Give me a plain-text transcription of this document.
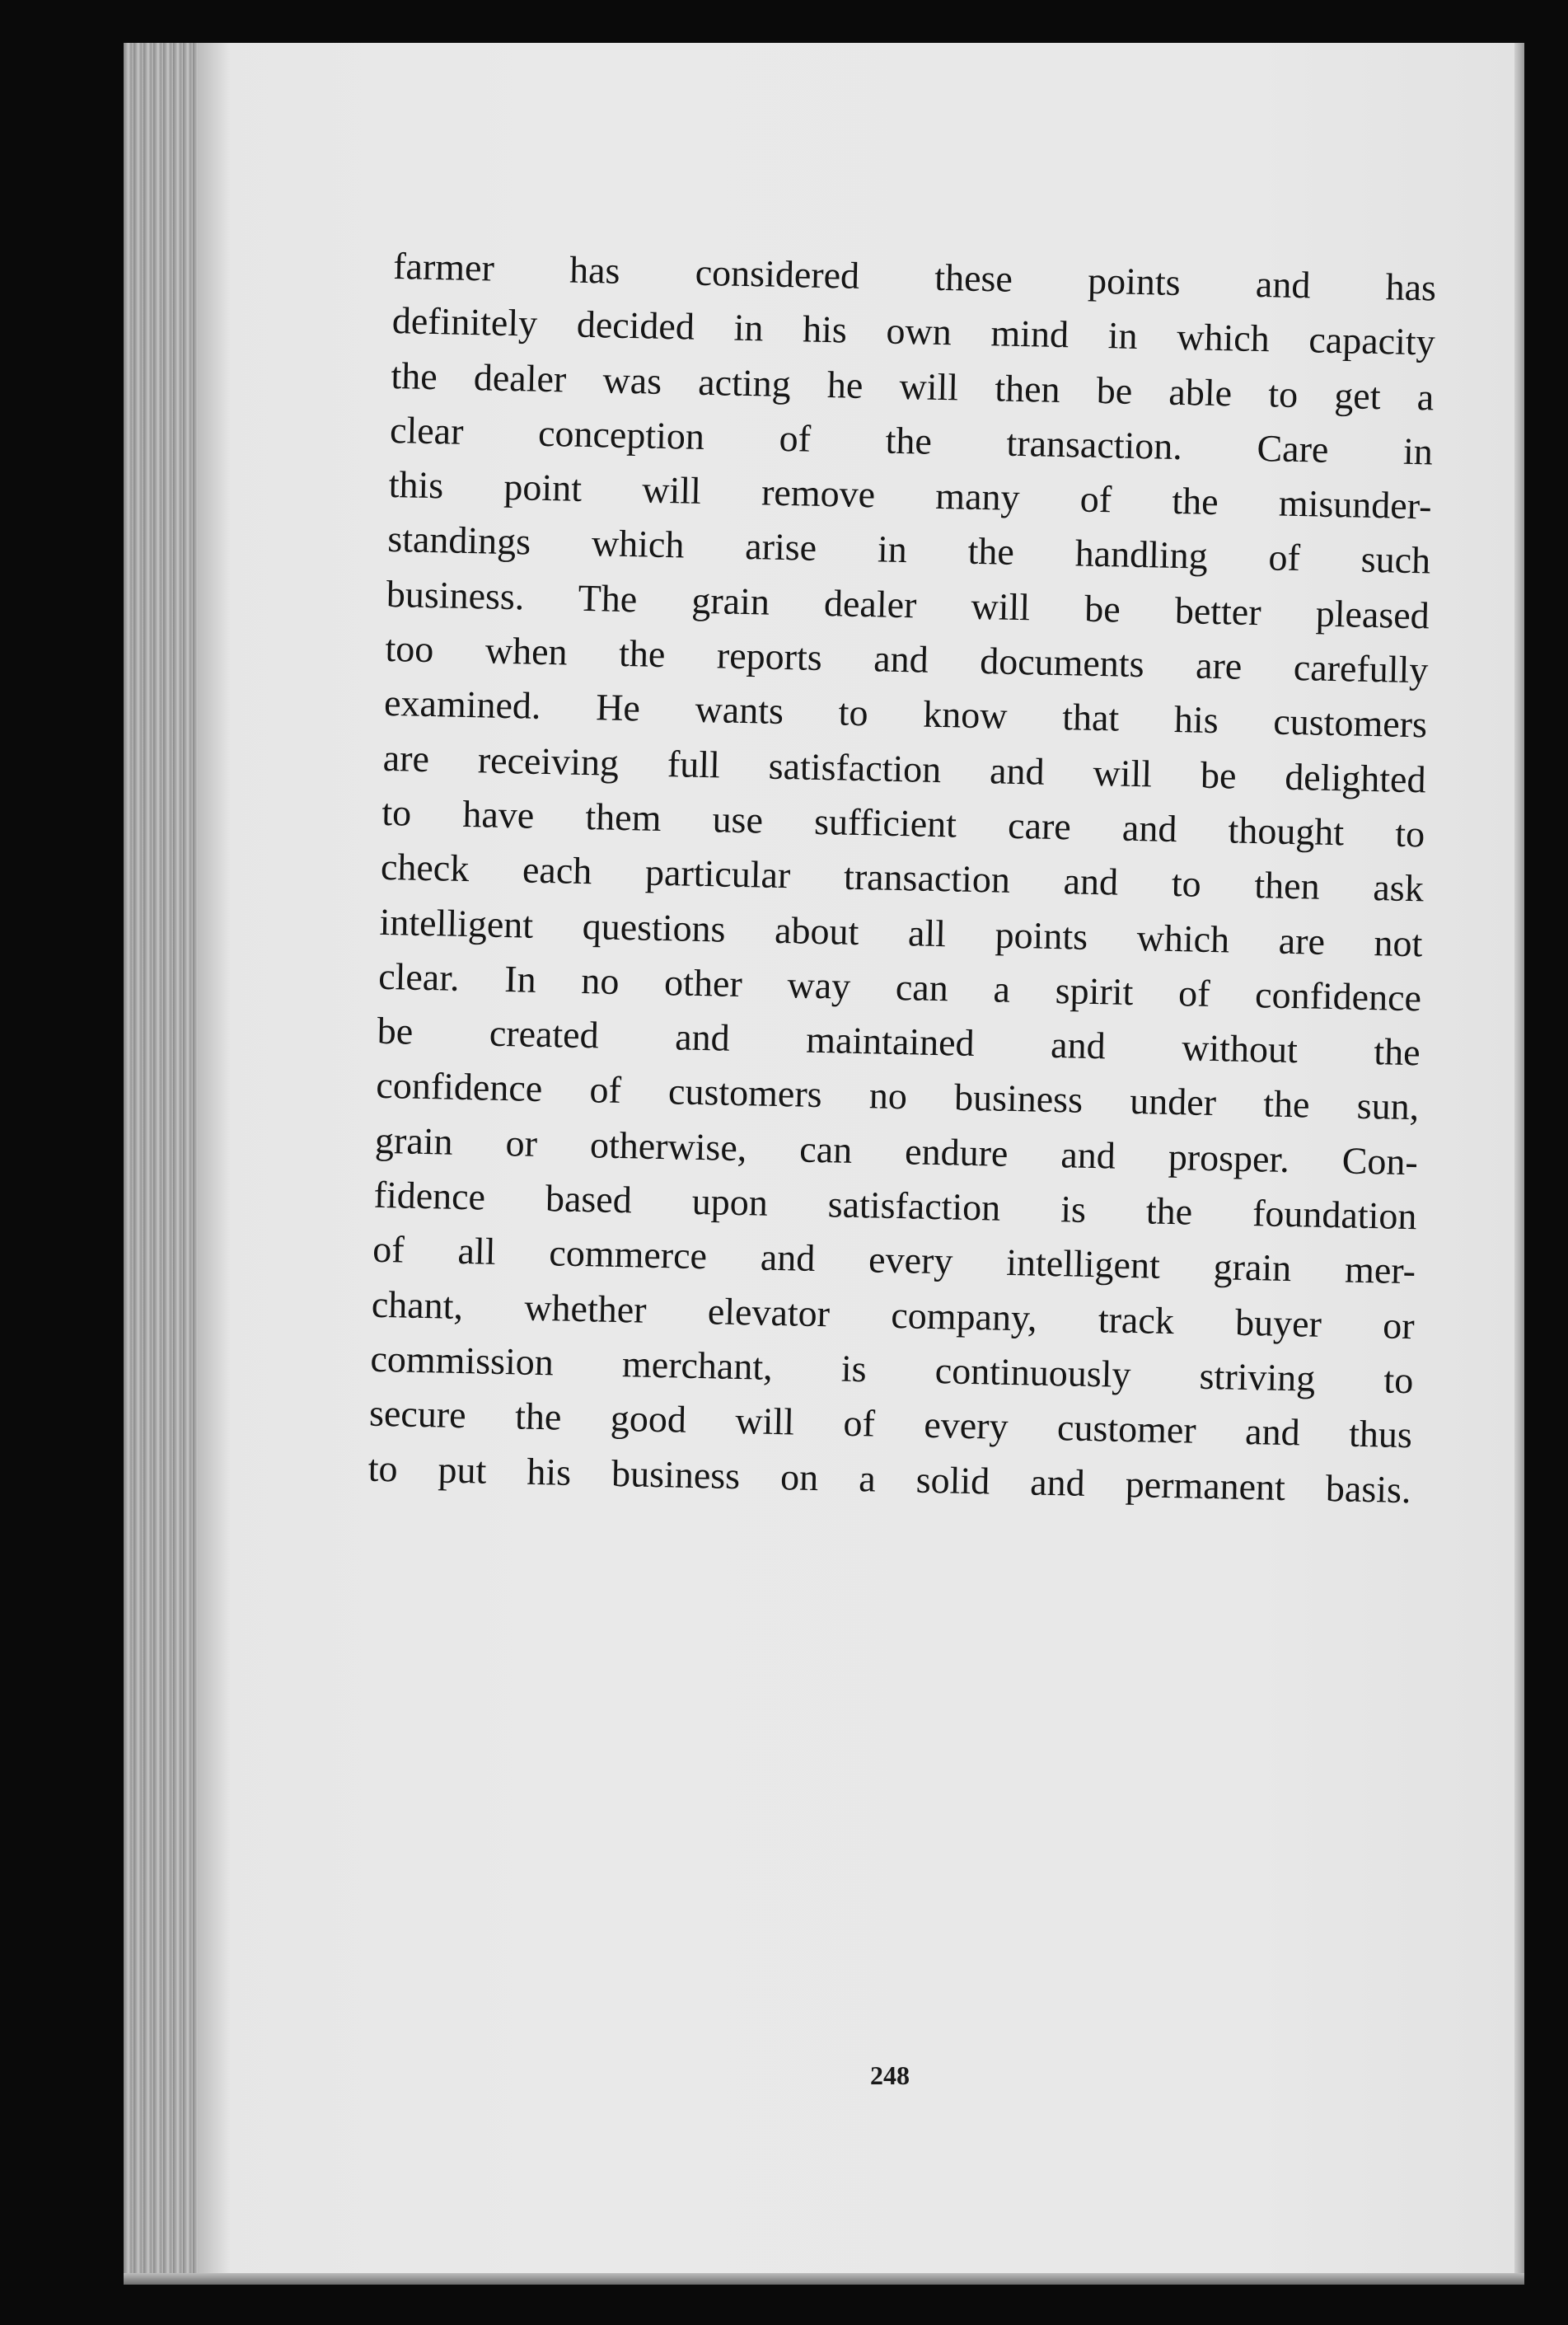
farmer has considered these points and has
definitely decided in his own mind in which capacity
the dealer was acting he will then be able to get a
clear conception of the transaction. Care in
this point will remove many of the misunder-
standings which arise in the handling of such
business. The grain dealer will be better pleased
too when the reports and documents are carefully
examined. He wants to know that his customers
are receiving full satisfaction and will be delighted
to have them use sufficient care and thought to
check each particular transaction and to then ask
intelligent questions about all points which are not
clear. In no other way can a spirit of confidence
be created and maintained and without the
confidence of customers no business under the sun,
grain or otherwise, can endure and prosper. Con-
fidence based upon satisfaction is the foundation
of all commerce and every intelligent grain mer-
chant, whether elevator company, track buyer or
commission merchant, is continuously striving to
secure the good will of every customer and thus
to put his business on a solid and permanent basis.
248
